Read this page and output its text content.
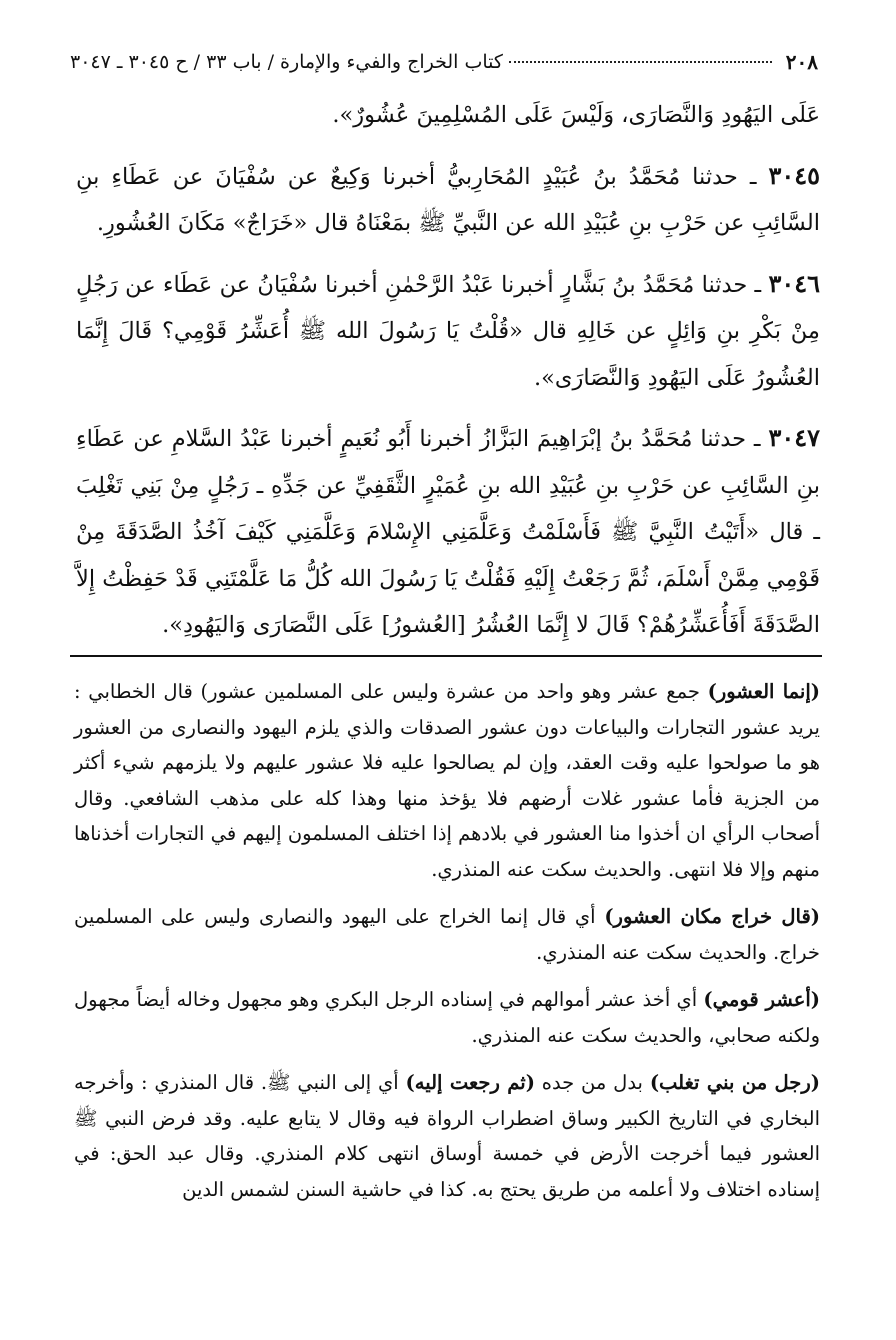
٢٠٨
كتاب الخراج والفيء والإمارة / باب ٣٣ / ح ٣٠٤٥ ـ ٣٠٤٧

عَلَى اليَهُودِ وَالنَّصَارَى، وَلَيْسَ عَلَى المُسْلِمِينَ عُشُورٌ».

٣٠٤٥ ـ حدثنا مُحَمَّدُ بنُ عُبَيْدٍ المُحَارِبيُّ أخبرنا وَكِيعٌ عن سُفْيَانَ عن عَطَاءِ بنِ السَّائِبِ عن حَرْبِ بنِ عُبَيْدِ الله عن النَّبيِّ ﷺ بمَعْنَاهُ قال «خَرَاجٌ» مَكَانَ العُشُورِ.

٣٠٤٦ ـ حدثنا مُحَمَّدُ بنُ بَشَّارٍ أخبرنا عَبْدُ الرَّحْمٰنِ أخبرنا سُفْيَانُ عن عَطَاء عن رَجُلٍ مِنْ بَكْرِ بنِ وَائِلٍ عن خَالِهِ قال «قُلْتُ يَا رَسُولَ الله ﷺ أُعَشِّرُ قَوْمِي؟ قَالَ إِنَّمَا العُشُورُ عَلَى اليَهُودِ وَالنَّصَارَى».

٣٠٤٧ ـ حدثنا مُحَمَّدُ بنُ إبْرَاهِيمَ البَزَّازُ أخبرنا أَبُو نُعَيمٍ أخبرنا عَبْدُ السَّلامِ عن عَطَاءِ بنِ السَّائِبِ عن حَرْبِ بنِ عُبَيْدِ الله بنِ عُمَيْرٍ الثَّقَفِيِّ عن جَدِّهِ ـ رَجُلٍ مِنْ بَنِي تَغْلِبَ ـ قال «أَتَيْتُ النَّبِيَّ ﷺ فَأَسْلَمْتُ وَعَلَّمَنِي الإِسْلامَ وَعَلَّمَنِي كَيْفَ آخُذُ الصَّدَقَةَ مِنْ قَوْمِي مِمَّنْ أَسْلَمَ، ثُمَّ رَجَعْتُ إِلَيْهِ فَقُلْتُ يَا رَسُولَ الله كُلُّ مَا عَلَّمْتَنِي قَدْ حَفِظْتُ إِلاَّ الصَّدَقَةَ أَفَأُعَشِّرُهُمْ؟ قَالَ لا إِنَّمَا العُشُرُ [العُشورُ] عَلَى النَّصَارَى وَاليَهُودِ».

(إنما العشور) جمع عشر وهو واحد من عشرة وليس على المسلمين عشور) قال الخطابي : يريد عشور التجارات والبياعات دون عشور الصدقات والذي يلزم اليهود والنصارى من العشور هو ما صولحوا عليه وقت العقد، وإن لم يصالحوا عليه فلا عشور عليهم ولا يلزمهم شيء أكثر من الجزية فأما عشور غلات أرضهم فلا يؤخذ منها وهذا كله على مذهب الشافعي. وقال أصحاب الرأي ان أخذوا منا العشور في بلادهم إذا اختلف المسلمون إليهم في التجارات أخذناها منهم وإلا فلا انتهى. والحديث سكت عنه المنذري.

(قال خراج مكان العشور) أي قال إنما الخراج على اليهود والنصارى وليس على المسلمين خراج. والحديث سكت عنه المنذري.

(أعشر قومي) أي أخذ عشر أموالهم في إسناده الرجل البكري وهو مجهول وخاله أيضاً مجهول ولكنه صحابي، والحديث سكت عنه المنذري.

(رجل من بني تغلب) بدل من جده (ثم رجعت إليه) أي إلى النبي ﷺ. قال المنذري : وأخرجه البخاري في التاريخ الكبير وساق اضطراب الرواة فيه وقال لا يتابع عليه. وقد فرض النبي ﷺ العشور فيما أخرجت الأرض في خمسة أوساق انتهى كلام المنذري. وقال عبد الحق: في إسناده اختلاف ولا أعلمه من طريق يحتج به. كذا في حاشية السنن لشمس الدين
